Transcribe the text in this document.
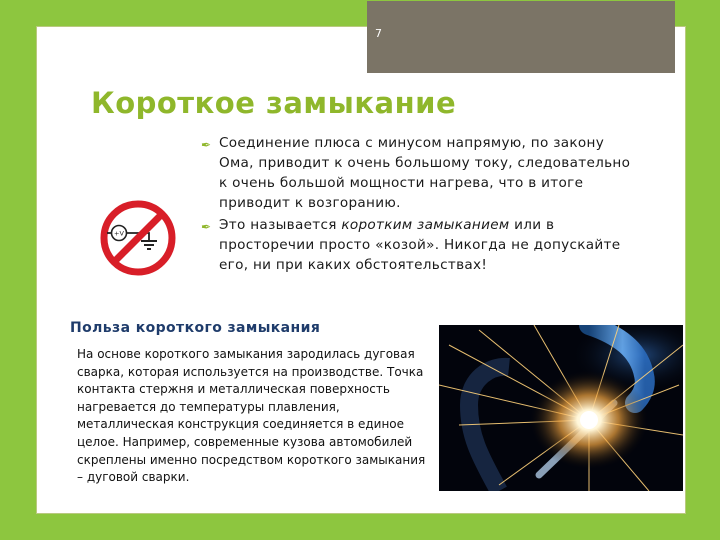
7
Короткое замыкание
✒ Соединение плюса с минусом напрямую, по закону Ома, приводит к очень большому току, следовательно к очень большой мощности нагрева, что в итоге приводит к возгоранию.
✒ Это называется коротким замыканием или в просторечии просто «козой». Никогда не допускайте его, ни при каких обстоятельствах!
+V
Польза короткого замыкания

На основе короткого замыкания зародилась дуговая сварка, которая используется на производстве. Точка контакта стержня и металлическая поверхность нагревается до температуры плавления, металлическая конструкция соединяется в единое целое. Например, современные кузова автомобилей скреплены именно посредством короткого замыкания – дуговой сварки.
